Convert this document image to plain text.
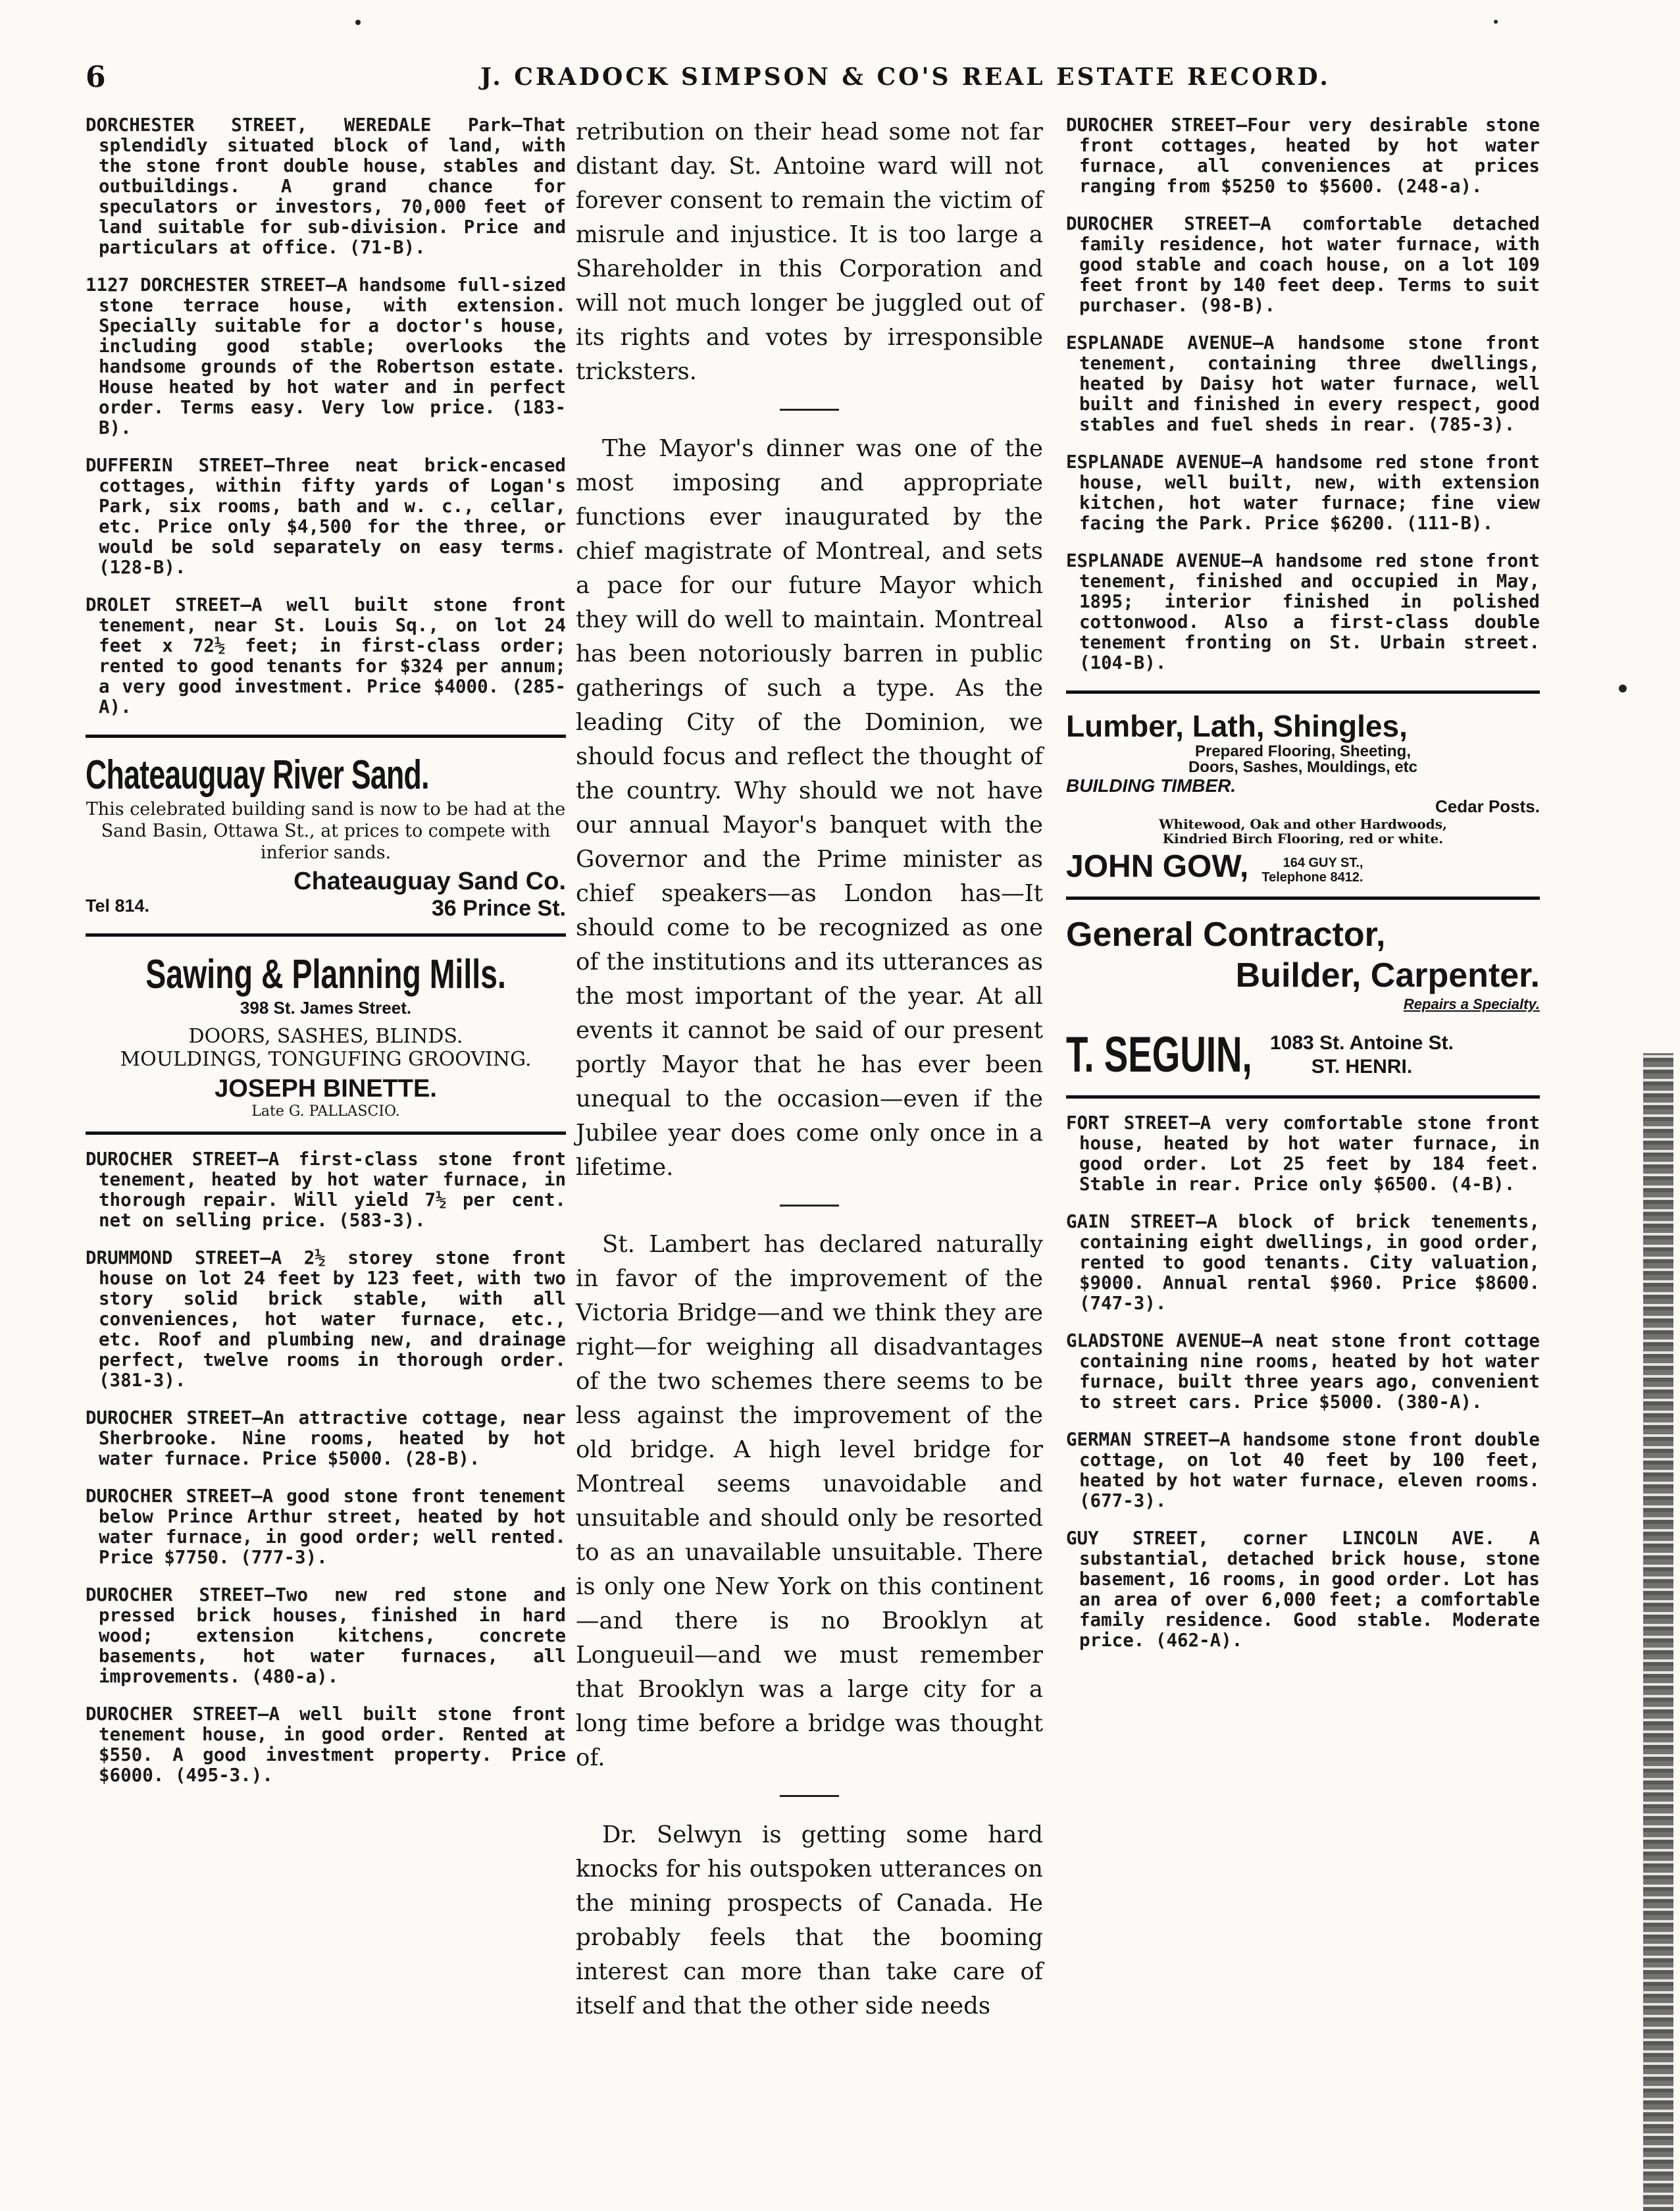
6	J. CRADOCK SIMPSON & CO'S REAL ESTATE RECORD.

DORCHESTER STREET, WEREDALE Park—That splendidly situated block of land, with the stone front double house, stables and outbuildings. A grand chance for speculators or investors, 70,000 feet of land suitable for sub-division. Price and particulars at office. (71-B).

1127 DORCHESTER STREET—A handsome full-sized stone terrace house, with extension. Specially suitable for a doctor's house, including good stable; overlooks the handsome grounds of the Robertson estate. House heated by hot water and in perfect order. Terms easy. Very low price. (183-B).

DUFFERIN STREET—Three neat brick-encased cottages, within fifty yards of Logan's Park, six rooms, bath and w. c., cellar, etc. Price only $4,500 for the three, or would be sold separately on easy terms. (128-B).

DROLET STREET—A well built stone front tenement, near St. Louis Sq., on lot 24 feet x 72½ feet; in first-class order; rented to good tenants for $324 per annum; a very good investment. Price $4000. (285-A).

Chateauguay River Sand.
This celebrated building sand is now to be had at the Sand Basin, Ottawa St., at prices to compete with inferior sands.
Chateauguay Sand Co.
Tel 814.	36 Prince St.
Sawing & Planning Mills.
398 St. James Street.
DOORS, SASHES, BLINDS.
MOULDINGS, TONGUFING GROOVING.
JOSEPH BINETTE.
Late G. PALLASCIO.

DUROCHER STREET—A first-class stone front tenement, heated by hot water furnace, in thorough repair. Will yield 7½ per cent. net on selling price. (583-3).

DRUMMOND STREET—A 2½ storey stone front house on lot 24 feet by 123 feet, with two story solid brick stable, with all conveniences, hot water furnace, etc., etc. Roof and plumbing new, and drainage perfect, twelve rooms in thorough order. (381-3).

DUROCHER STREET—An attractive cottage, near Sherbrooke. Nine rooms, heated by hot water furnace. Price $5000. (28-B).

DUROCHER STREET—A good stone front tenement below Prince Arthur street, heated by hot water furnace, in good order; well rented. Price $7750. (777-3).

DUROCHER STREET—Two new red stone and pressed brick houses, finished in hard wood; extension kitchens, concrete basements, hot water furnaces, all improvements. (480-a).

DUROCHER STREET—A well built stone front tenement house, in good order. Rented at $550. A good investment property. Price $6000. (495-3.).

retribution on their head some not far distant day. St. Antoine ward will not forever consent to remain the victim of misrule and injustice. It is too large a Shareholder in this Corporation and will not much longer be juggled out of its rights and votes by irresponsible tricksters.

The Mayor's dinner was one of the most imposing and appropriate functions ever inaugurated by the chief magistrate of Montreal, and sets a pace for our future Mayor which they will do well to maintain. Montreal has been notoriously barren in public gatherings of such a type. As the leading City of the Dominion, we should focus and reflect the thought of the country. Why should we not have our annual Mayor's banquet with the Governor and the Prime minister as chief speakers—as London has—It should come to be recognized as one of the institutions and its utterances as the most important of the year. At all events it cannot be said of our present portly Mayor that he has ever been unequal to the occasion—even if the Jubilee year does come only once in a lifetime.

St. Lambert has declared naturally in favor of the improvement of the Victoria Bridge—and we think they are right—for weighing all disadvantages of the two schemes there seems to be less against the improvement of the old bridge. A high level bridge for Montreal seems unavoidable and unsuitable and should only be resorted to as an unavailable unsuitable. There is only one New York on this continent—and there is no Brooklyn at Longueuil—and we must remember that Brooklyn was a large city for a long time before a bridge was thought of.

Dr. Selwyn is getting some hard knocks for his outspoken utterances on the mining prospects of Canada. He probably feels that the booming interest can more than take care of itself and that the other side needs

DUROCHER STREET—Four very desirable stone front cottages, heated by hot water furnace, all conveniences at prices ranging from $5250 to $5600. (248-a).

DUROCHER STREET—A comfortable detached family residence, hot water furnace, with good stable and coach house, on a lot 109 feet front by 140 feet deep. Terms to suit purchaser. (98-B).

ESPLANADE AVENUE—A handsome stone front tenement, containing three dwellings, heated by Daisy hot water furnace, well built and finished in every respect, good stables and fuel sheds in rear. (785-3).

ESPLANADE AVENUE—A handsome red stone front house, well built, new, with extension kitchen, hot water furnace; fine view facing the Park. Price $6200. (111-B).

ESPLANADE AVENUE—A handsome red stone front tenement, finished and occupied in May, 1895; interior finished in polished cottonwood. Also a first-class double tenement fronting on St. Urbain street. (104-B).

Lumber, Lath, Shingles,
Prepared Flooring, Sheeting,
Doors, Sashes, Mouldings, etc
BUILDING TIMBER.
Cedar Posts.
Whitewood, Oak and other Hardwoods,
Kindried Birch Flooring, red or white.
JOHN GOW,	164 GUY ST.,
Telephone 8412.
General Contractor,
Builder, Carpenter.
Repairs a Specialty.
T. SEGUIN, 1083 St. Antoine St.
ST. HENRI.

FORT STREET—A very comfortable stone front house, heated by hot water furnace, in good order. Lot 25 feet by 184 feet. Stable in rear. Price only $6500. (4-B).

GAIN STREET—A block of brick tenements, containing eight dwellings, in good order, rented to good tenants. City valuation, $9000. Annual rental $960. Price $8600. (747-3).

GLADSTONE AVENUE—A neat stone front cottage containing nine rooms, heated by hot water furnace, built three years ago, convenient to street cars. Price $5000. (380-A).

GERMAN STREET—A handsome stone front double cottage, on lot 40 feet by 100 feet, heated by hot water furnace, eleven rooms. (677-3).

GUY STREET, corner LINCOLN AVE. A substantial, detached brick house, stone basement, 16 rooms, in good order. Lot has an area of over 6,000 feet; a comfortable family residence. Good stable. Moderate price. (462-A).
